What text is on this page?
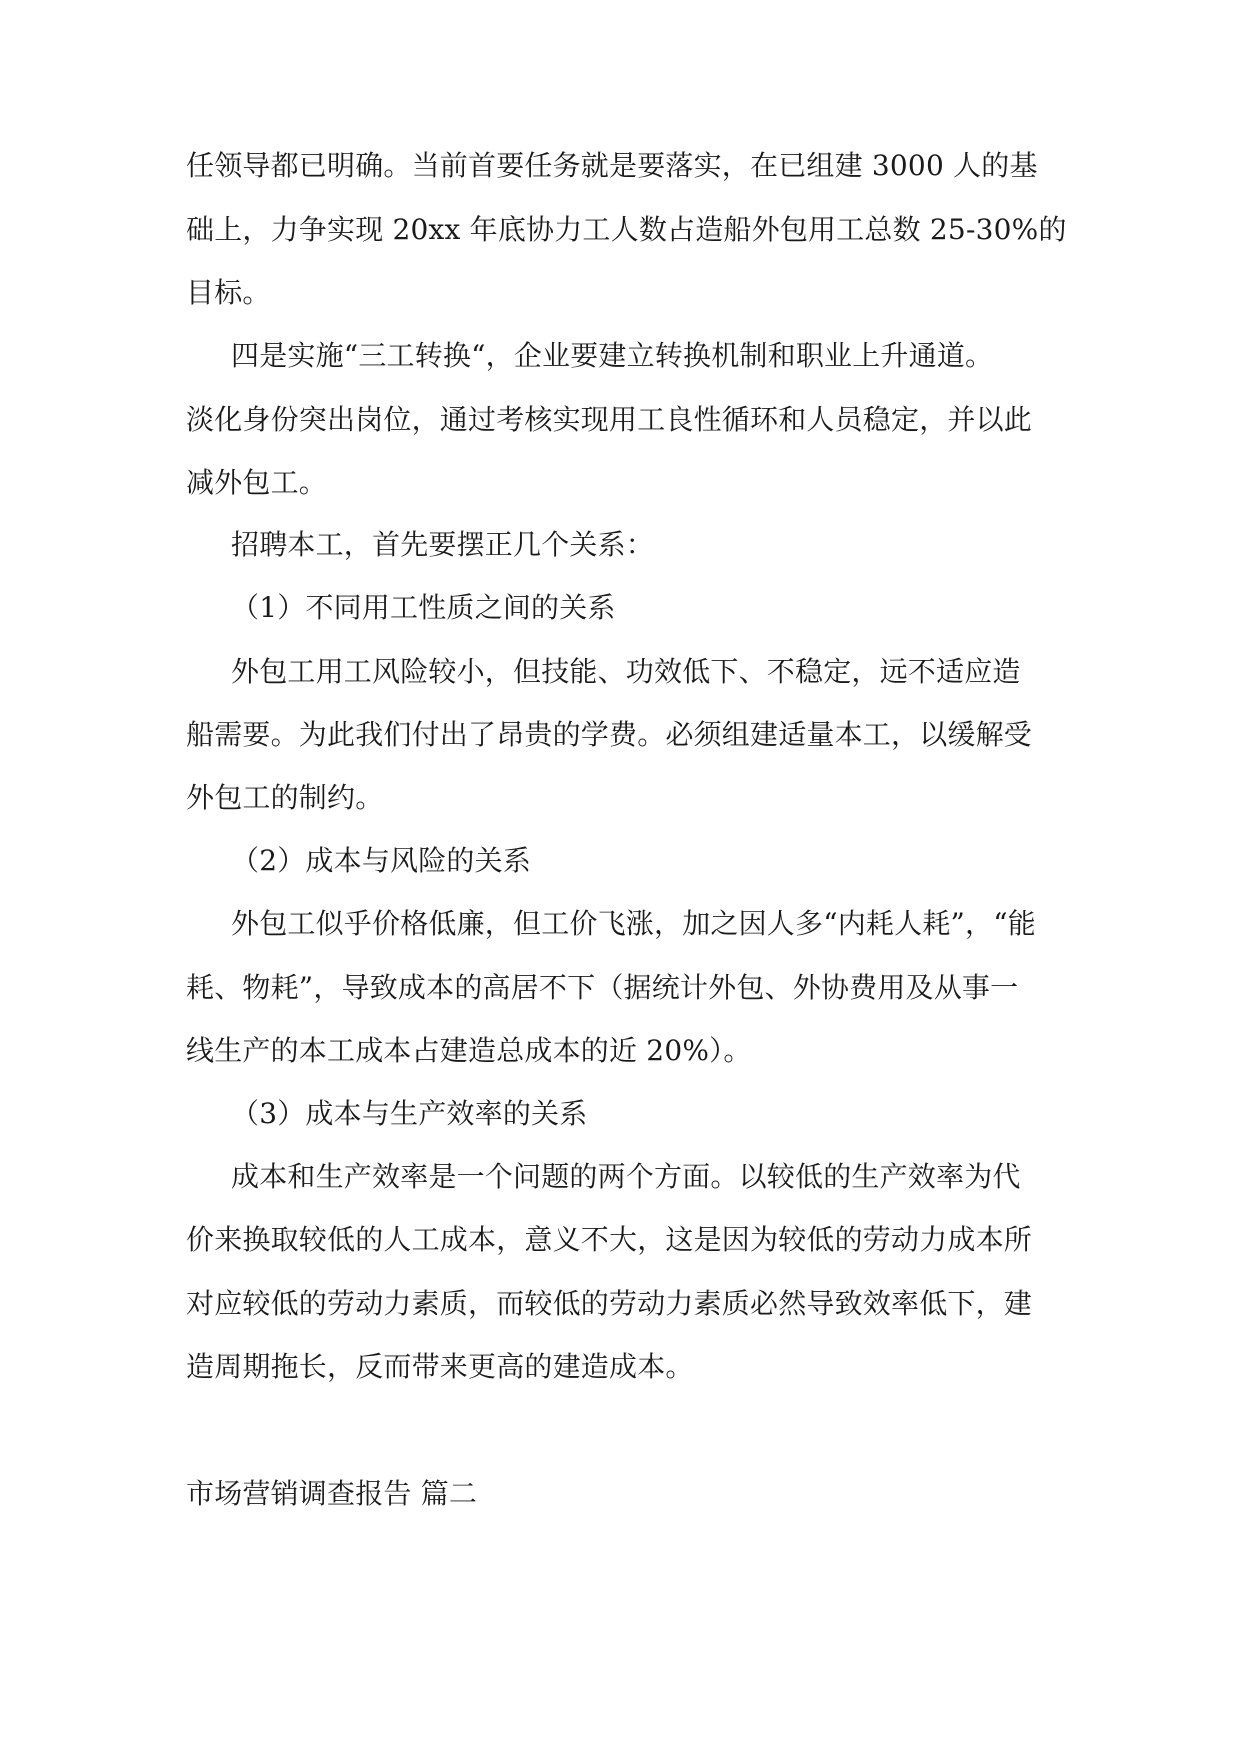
任领导都已明确。当前首要任务就是要落实，在已组建 3000 人的基
础上，力争实现 20xx 年底协力工人数占造船外包用工总数 25-30%的
目标。
四是实施“三工转换“，企业要建立转换机制和职业上升通道。
淡化身份突出岗位，通过考核实现用工良性循环和人员稳定，并以此
减外包工。
招聘本工，首先要摆正几个关系：
（1）不同用工性质之间的关系
外包工用工风险较小，但技能、功效低下、不稳定，远不适应造
船需要。为此我们付出了昂贵的学费。必须组建适量本工，以缓解受
外包工的制约。
（2）成本与风险的关系
外包工似乎价格低廉，但工价飞涨，加之因人多“内耗人耗”，“能
耗、物耗”，导致成本的高居不下（据统计外包、外协费用及从事一
线生产的本工成本占建造总成本的近 20%）。
（3）成本与生产效率的关系
成本和生产效率是一个问题的两个方面。以较低的生产效率为代
价来换取较低的人工成本，意义不大，这是因为较低的劳动力成本所
对应较低的劳动力素质，而较低的劳动力素质必然导致效率低下，建
造周期拖长，反而带来更高的建造成本。
市场营销调查报告 篇二
